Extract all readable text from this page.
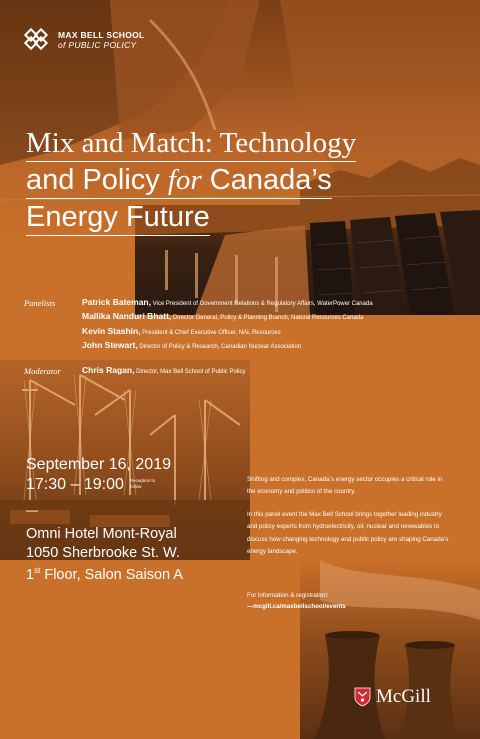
MAX BELL SCHOOL
of PUBLIC POLICY
Mix and Match: Technology
and Policy for Canada’s
Energy Future
Panelists	Patrick Bateman, Vice President of Government Relations & Regulatory Affairs, WaterPower Canada
Mallika Nanduri Bhatt, Director General, Policy & Planning Branch, Natural Resources Canada
Kevin Stashin, President & Chief Executive Officer, NAL Resources
John Stewart, Director of Policy & Research, Canadian Nuclear Association
Moderator Chris Ragan, Director, Max Bell School of Public Policy
September 16, 2019
17:30 – 19:00 Reception to
follow
—
Omni Hotel Mont-Royal
1050 Sherbrooke St. W.
1st Floor, Salon Saison A

Shifting and complex, Canada’s energy sector occupies a critical role in the economy and politics of the country.

In this panel event the Max Bell School brings together leading industry and policy experts from hydroelectricity, oil, nuclear and renewables to discuss how changing technology and public policy are shaping Canada’s energy landscape.

For information & registration:
—mcgill.ca/maxbellschool/events
McGill
